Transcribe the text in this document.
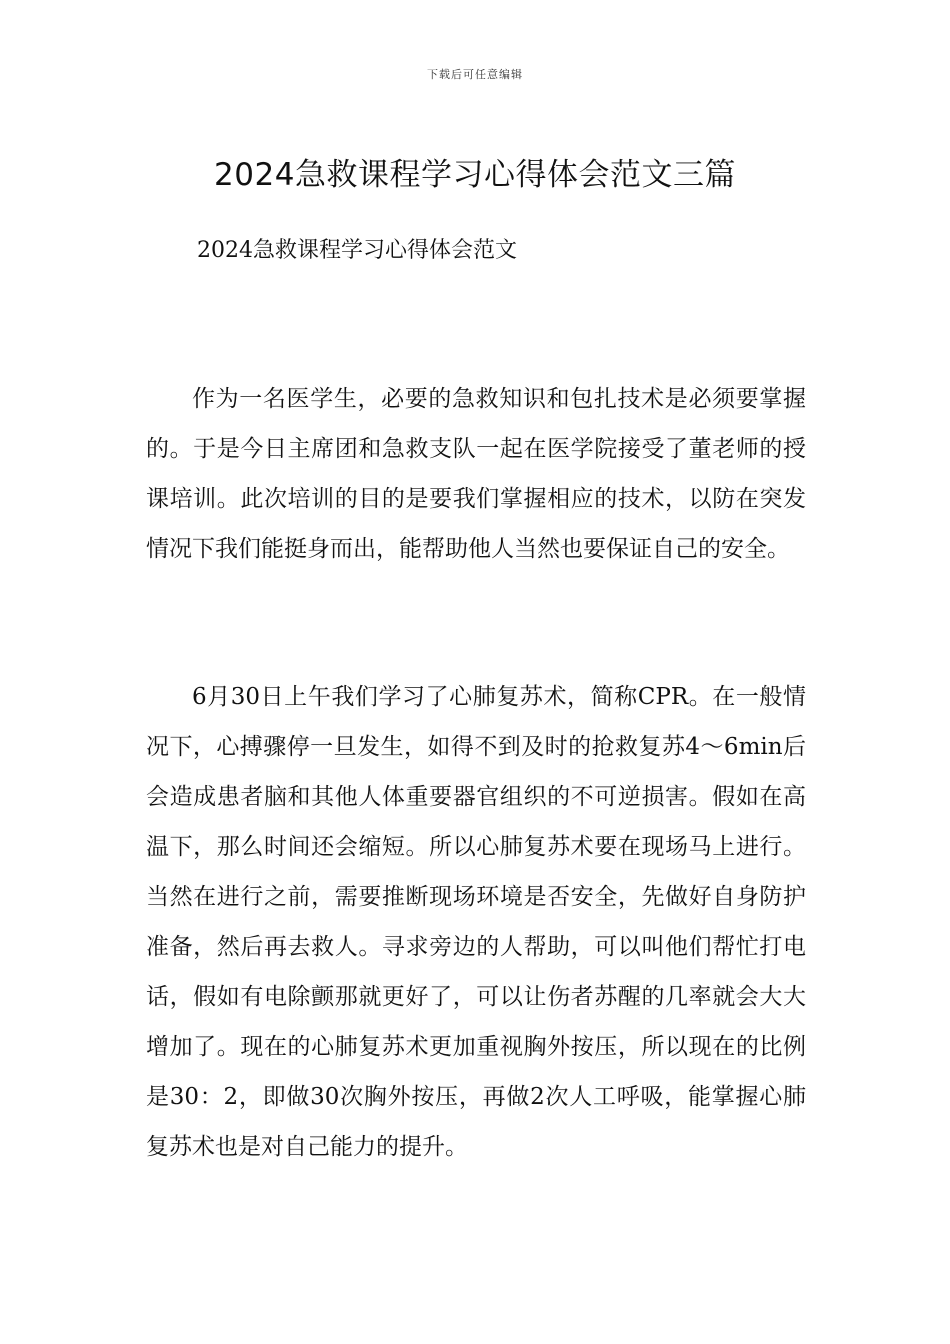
下载后可任意编辑
2024急救课程学习心得体会范文三篇
2024急救课程学习心得体会范文

作为一名医学生，必要的急救知识和包扎技术是必须要掌握的。于是今日主席团和急救支队一起在医学院接受了董老师的授课培训。此次培训的目的是要我们掌握相应的技术，以防在突发情况下我们能挺身而出，能帮助他人当然也要保证自己的安全。

6月30日上午我们学习了心肺复苏术，简称CPR。在一般情况下，心搏骤停一旦发生，如得不到及时的抢救复苏4～6min后会造成患者脑和其他人体重要器官组织的不可逆损害。假如在高温下，那么时间还会缩短。所以心肺复苏术要在现场马上进行。当然在进行之前，需要推断现场环境是否安全，先做好自身防护准备，然后再去救人。寻求旁边的人帮助，可以叫他们帮忙打电话，假如有电除颤那就更好了，可以让伤者苏醒的几率就会大大增加了。现在的心肺复苏术更加重视胸外按压，所以现在的比例是30：2，即做30次胸外按压，再做2次人工呼吸，能掌握心肺复苏术也是对自己能力的提升。
